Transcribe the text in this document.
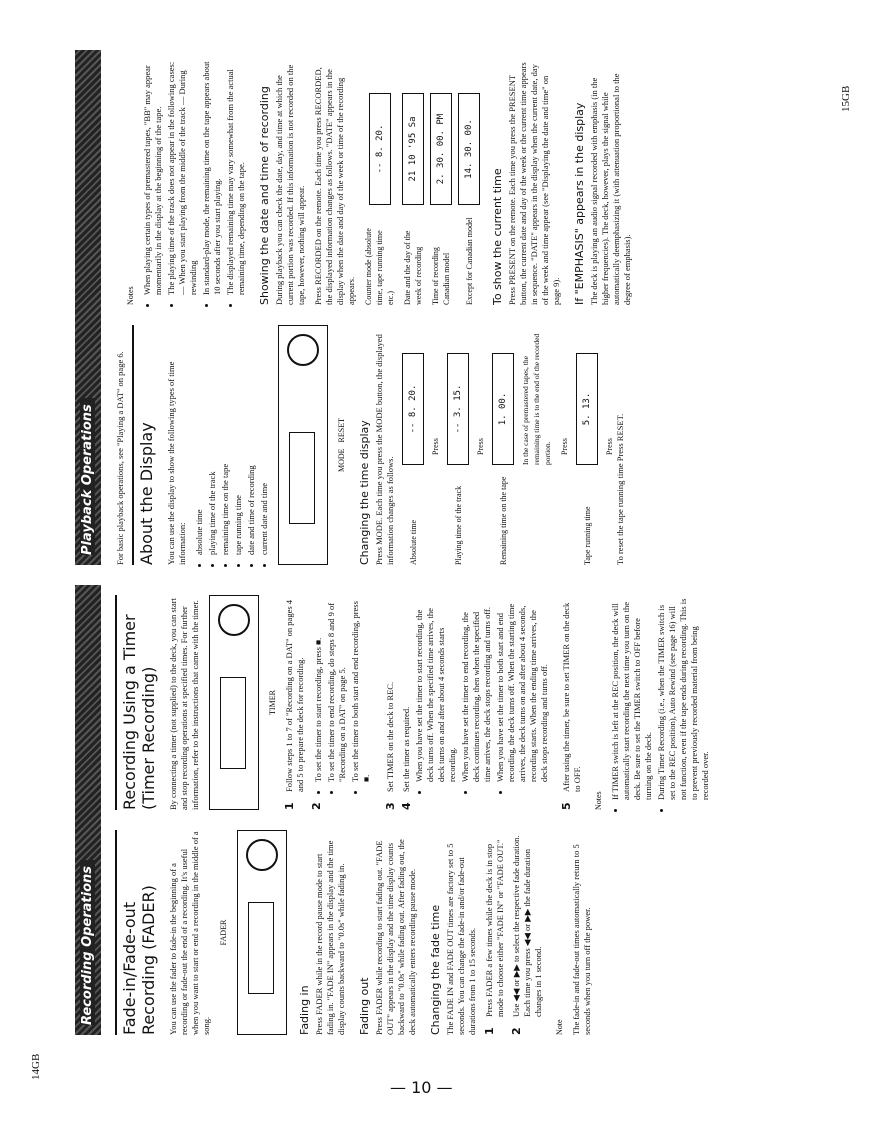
— 10 —
14GB
15GB
Recording Operations
Playback Operations
Fade-in/Fade-out Recording (FADER) You can use the fader to fade-in the beginning of a recording or fade-out the end of a recording. It's useful when you want to start or end a recording in the middle of a song.

FADER

Fading in Press FADER while in the record pause mode to start fading in. "FADE IN" appears in the display and the time display counts backward to "0.0s" while fading in. Fading out Press FADER while recording to start fading out. "FADE OUT" appears in the display and the time display counts backward to "0.0s" while fading out. After fading out, the deck automatically enters recording pause mode. Changing the fade time The FADE IN and FADE OUT times are factory set to 5 seconds. You can change the fade-in and/or fade-out durations from 1 to 15 seconds. 1
Press FADER a few times while the deck is in stop mode to choose either "FADE IN" or "FADE OUT."
2
Use ◀◀ or ▶▶ to select the respective fade duration. Each time you press ◀◀ or ▶▶ the fade duration changes in 1 second.

Note The fade-in and fade-out times automatically return to 5 seconds when you turn off the power.

Recording Using a Timer (Timer Recording) By connecting a timer (not supplied) to the deck, you can start and stop recording operations at specified times. For further information, refer to the instructions that came with the timer.	TIMER

1
Follow steps 1 to 7 of "Recording on a DAT" on pages 4 and 5 to prepare the deck for recording.
2
• To set the timer to start recording, press ■. • To set the timer to end recording, do steps 8 and 9 of "Recording on a DAT" on page 5. • To set the timer to both start and end recording, press ■.
3
Set TIMER on the deck to REC.
4
Set the timer as required. • When you have set the timer to start recording, the deck turns off. When the specified time arrives, the deck turns on and after about 4 seconds starts recording. • When you have set the timer to end recording, the deck continues recording, then when the specified time arrives, the deck stops recording and turns off. • When you have set the timer to both start and end recording, the deck turns off. When the starting time arrives, the deck turns on and after about 4 seconds, recording starts. When the ending time arrives, the deck stops recording and turns off.
5
After using the timer, be sure to set TIMER on the deck to OFF.

Notes

• If TIMER switch is left at the REC position, the deck will automatically start recording the next time you turn on the deck. Be sure to set the TIMER switch to OFF before turning on the deck. • During Timer Recording (i.e., when the TIMER switch is set to the REC position), Auto Rewind (see page 16) will not function, even if the tape ends during recording. This is to prevent previously recorded material from being recorded over.

For basic playback operations, see "Playing a DAT" on page 6. About the Display You can use the display to show the following types of time information: • absolute time • playing time of the track • remaining time on the tape • tape running time • date and time of recording • current date and time

MODE   RESET Changing the time display Press MODE. Each time you press the MODE button, the displayed information changes as follows. Absolute time
-- 8. 20.
Press
Playing time of the track
-- 3. 15.
Press
Remaining time on the tape
1. 00.	In the case of premastered tapes, the remaining time is to the end of the recorded portion. Press
Tape running time
5. 13.
Press To reset the tape running time Press RESET.

Notes

• When playing certain types of premastered tapes, "BB" may appear momentarily in the display at the beginning of the tape. • The playing time of the track does not appear in the following cases: — When you start playing from the middle of the track — During rewinding • In standard-play mode, the remaining time on the tape appears about 10 seconds after you start playing. • The displayed remaining time may vary somewhat from the actual remaining time, depending on the tape. Showing the date and time of recording During playback you can check the date, day, and time at which the current portion was recorded. If this information is not recorded on the tape, however, nothing will appear. Press RECORDED on the remote. Each time you press RECORDED, the displayed information changes as follows. "DATE" appears in the display when the date and day of the week or time of the recording appears. Counter mode (absolute time, tape running time etc.)
-- 8. 20.
Date and the day of the week of recording
21 10 '95 Sa
Time of recording Canadian model
2. 30. 00. PM
Except for Canadian model
14. 30. 00.
To show the current time Press PRESENT on the remote. Each time you press the PRESENT button, the current date and day of the week or the current time appears in sequence. "DATE" appears in the display when the current date, day of the week and time appear (see "Displaying the date and time" on page 9). If "EMPHASIS" appears in the display The deck is playing an audio signal recorded with emphasis (in the higher frequencies). The deck, however, plays the signal while automatically deemphasizing it (with attenuation proportional to the degree of emphasis).
